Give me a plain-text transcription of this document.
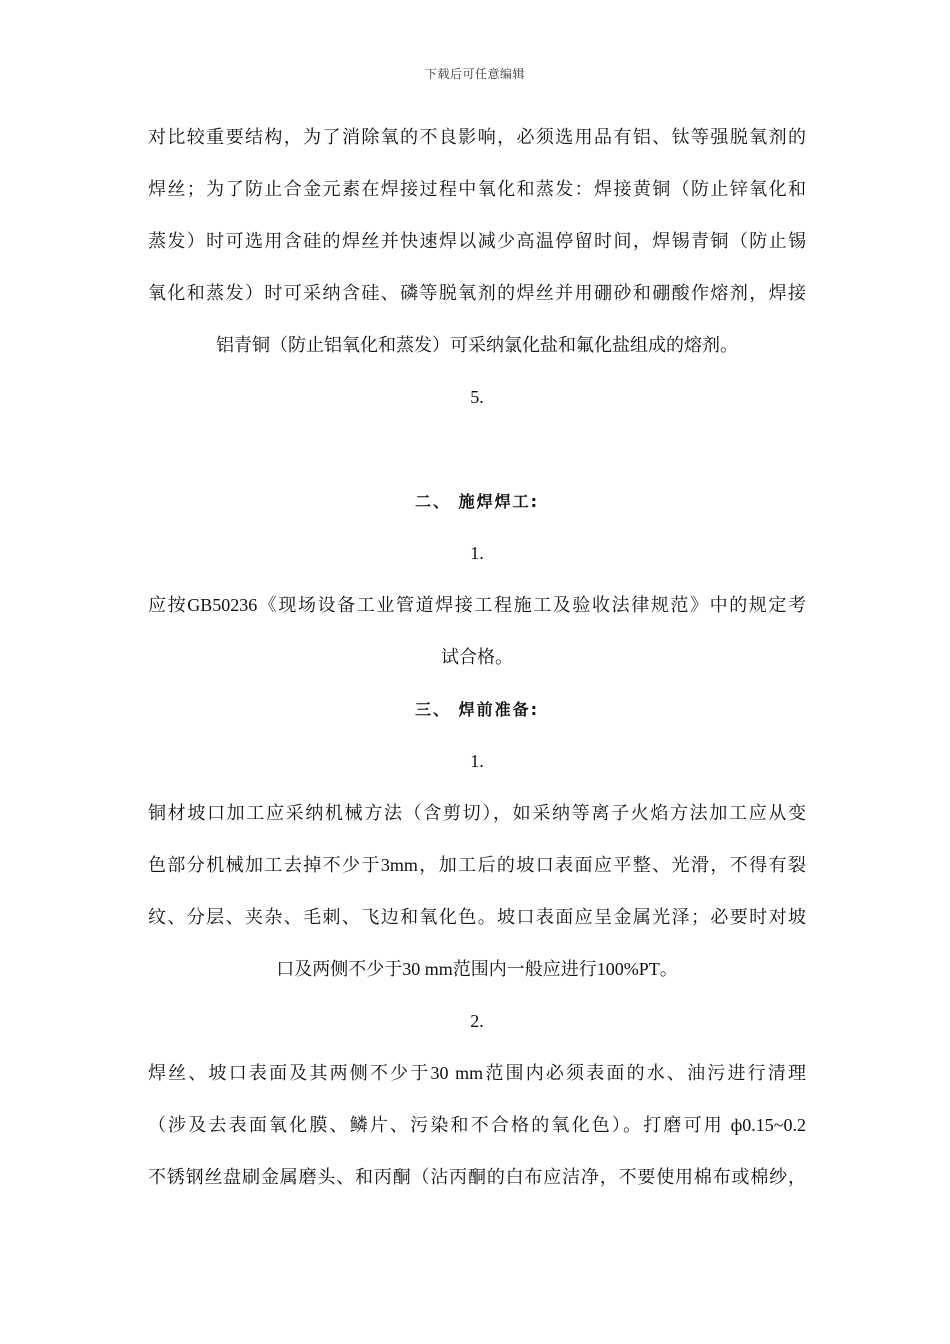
下载后可任意编辑
对比较重要结构，为了消除氧的不良影响，必须选用品有铝、钛等强脱氧剂的
焊丝；为了防止合金元素在焊接过程中氧化和蒸发：焊接黄铜（防止锌氧化和
蒸发）时可选用含硅的焊丝并快速焊以减少高温停留时间，焊锡青铜（防止锡
氧化和蒸发）时可采纳含硅、磷等脱氧剂的焊丝并用硼砂和硼酸作熔剂，焊接
铝青铜（防止铝氧化和蒸发）可采纳氯化盐和氟化盐组成的熔剂。
5.
二、 施焊焊工:
1.
应按GB50236《现场设备工业管道焊接工程施工及验收法律规范》中的规定考
试合格。
三、 焊前准备:
1.
铜材坡口加工应采纳机械方法（含剪切），如采纳等离子火焰方法加工应从变
色部分机械加工去掉不少于3mm，加工后的坡口表面应平整、光滑，不得有裂
纹、分层、夹杂、毛刺、飞边和氧化色。坡口表面应呈金属光泽；必要时对坡
口及两侧不少于30 mm范围内一般应进行100%PT。
2.
焊丝、坡口表面及其两侧不少于30 mm范围内必须表面的水、油污进行清理
（涉及去表面氧化膜、鳞片、污染和不合格的氧化色）。打磨可用 ф0.15~0.2
不锈钢丝盘刷金属磨头、和丙酮（沾丙酮的白布应洁净，不要使用棉布或棉纱，
